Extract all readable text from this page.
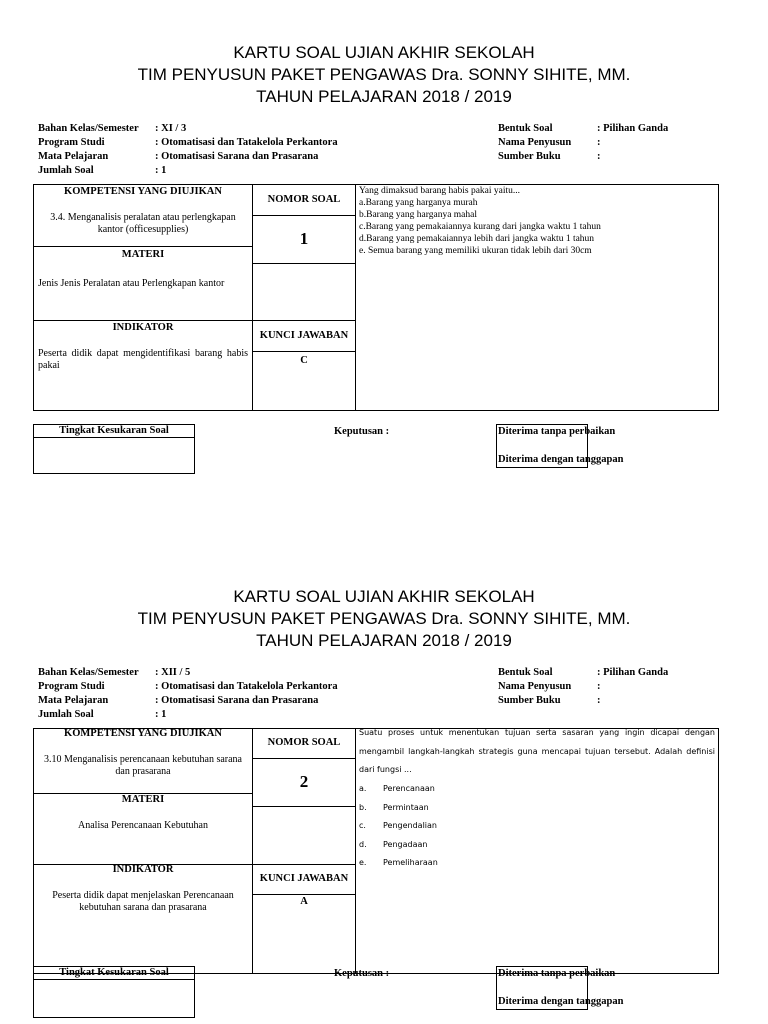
KARTU SOAL UJIAN AKHIR SEKOLAH
TIM PENYUSUN PAKET PENGAWAS Dra. SONNY SIHITE, MM.
TAHUN PELAJARAN 2018 / 2019
Bahan Kelas/Semester : XI / 3
Program Studi	: Otomatisasi dan Tatakelola Perkantora
Mata Pelajaran	: Otomatisasi Sarana dan Prasarana
Jumlah Soal	: 1
Bentuk Soal	: Pilihan Ganda
Nama Penyusun :
Sumber Buku	:
KOMPETENSI YANG DIUJIKAN
3.4. Menganalisis peralatan atau perlengkapan kantor (officesupplies)
MATERI
Jenis Jenis Peralatan atau Perlengkapan kantor
INDIKATOR
Peserta didik dapat mengidentifikasi barang habis pakai
NOMOR SOAL
1
KUNCI JAWABAN
C
Yang dimaksud barang habis pakai yaitu...
a.Barang yang harganya murah
b.Barang yang harganya mahal
c.Barang yang pemakaiannya kurang dari jangka waktu 1 tahun
d.Barang yang pemakaiannya lebih dari jangka waktu 1 tahun
e. Semua barang yang memiliki ukuran tidak lebih dari 30cm
Tingkat Kesukaran Soal	Keputusan :	Diterima tanpa perbaikan
Diterima dengan tanggapan
KARTU SOAL UJIAN AKHIR SEKOLAH
TIM PENYUSUN PAKET PENGAWAS Dra. SONNY SIHITE, MM.
TAHUN PELAJARAN 2018 / 2019
Bahan Kelas/Semester : XII / 5
Program Studi	: Otomatisasi dan Tatakelola Perkantora
Mata Pelajaran	: Otomatisasi Sarana dan Prasarana
Jumlah Soal	: 1
Bentuk Soal	: Pilihan Ganda
Nama Penyusun :
Sumber Buku	:
KOMPETENSI YANG DIUJIKAN
3.10 Menganalisis perencanaan kebutuhan sarana dan prasarana
MATERI
Analisa Perencanaan Kebutuhan
INDIKATOR
Peserta didik dapat menjelaskan Perencanaan kebutuhan sarana dan prasarana
NOMOR SOAL
2
KUNCI JAWABAN
A
Suatu proses untuk menentukan tujuan serta sasaran yang ingin dicapai dengan mengambil langkah-langkah strategis guna mencapai tujuan tersebut. Adalah definisi dari fungsi ...
a. Perencanaan
b. Permintaan
c. Pengendalian
d. Pengadaan
e. Pemeliharaan
Tingkat Kesukaran Soal	Keputusan :	Diterima tanpa perbaikan
Diterima dengan tanggapan
